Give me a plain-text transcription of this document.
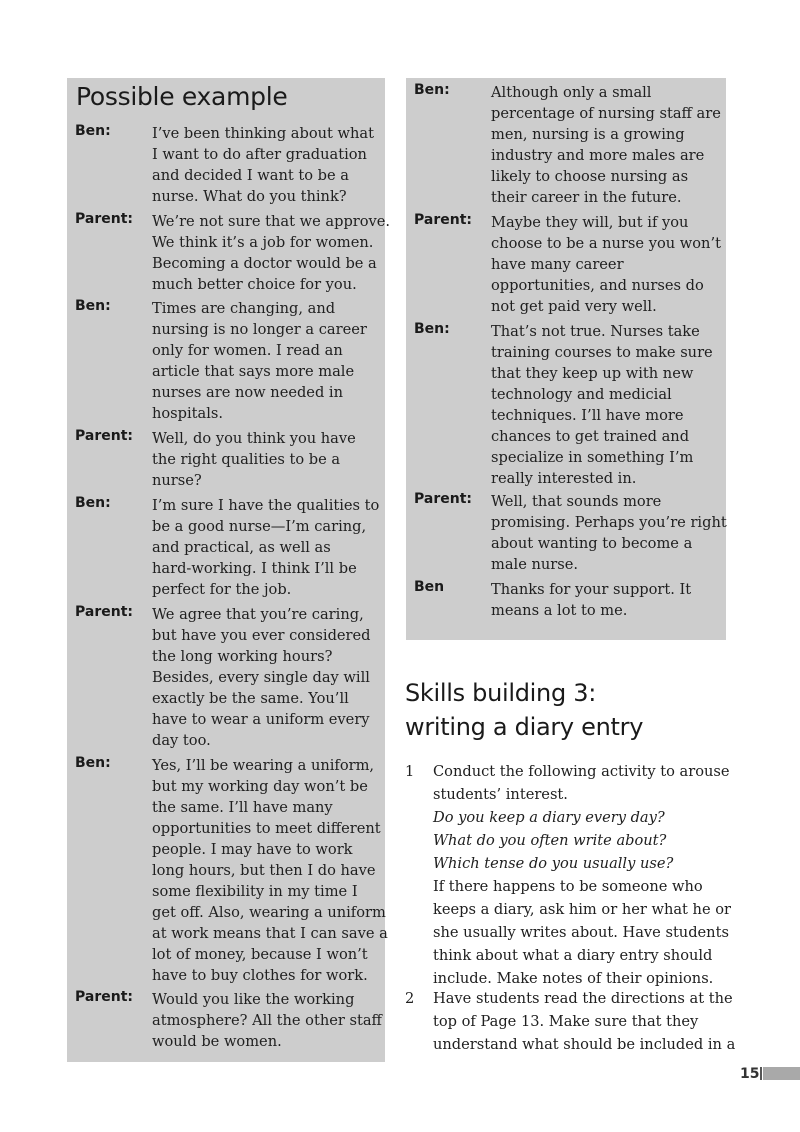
Possible example
Ben:	I’ve been thinking about what
I want to do after graduation
and decided I want to be a
nurse. What do you think?
Parent: We’re not sure that we approve.
We think it’s a job for women.
Becoming a doctor would be a
much better choice for you.
Ben:	Times are changing, and
nursing is no longer a career
only for women. I read an
article that says more male
nurses are now needed in
hospitals.
Parent: Well, do you think you have
the right qualities to be a
nurse?
Ben:	I’m sure I have the qualities to
be a good nurse—I’m caring,
and practical, as well as
hard-working. I think I’ll be
perfect for the job.
Parent: We agree that you’re caring,
but have you ever considered
the long working hours?
Besides, every single day will
exactly be the same. You’ll
have to wear a uniform every
day too.
Ben:	Yes, I’ll be wearing a uniform,
but my working day won’t be
the same. I’ll have many
opportunities to meet different
people. I may have to work
long hours, but then I do have
some flexibility in my time I
get off. Also, wearing a uniform
at work means that I can save a
lot of money, because I won’t
have to buy clothes for work.
Parent: Would you like the working
atmosphere? All the other staff
would be women.
Ben:	Although only a small
percentage of nursing staff are
men, nursing is a growing
industry and more males are
likely to choose nursing as
their career in the future.
Parent: Maybe they will, but if you
choose to be a nurse you won’t
have many career
opportunities, and nurses do
not get paid very well.
Ben:	That’s not true. Nurses take
training courses to make sure
that they keep up with new
technology and medicial
techniques. I’ll have more
chances to get trained and
specialize in something I’m
really interested in.
Parent: Well, that sounds more
promising. Perhaps you’re right
about wanting to become a
male nurse.
Ben	Thanks for your support. It
means a lot to me.
Skills building 3:
writing a diary entry
1 Conduct the following activity to arouse
students’ interest.
Do you keep a diary every day?
What do you often write about?
Which tense do you usually use?
If there happens to be someone who
keeps a diary, ask him or her what he or
she usually writes about. Have students
think about what a diary entry should
include. Make notes of their opinions.
2 Have students read the directions at the
top of Page 13. Make sure that they
understand what should be included in a
15
